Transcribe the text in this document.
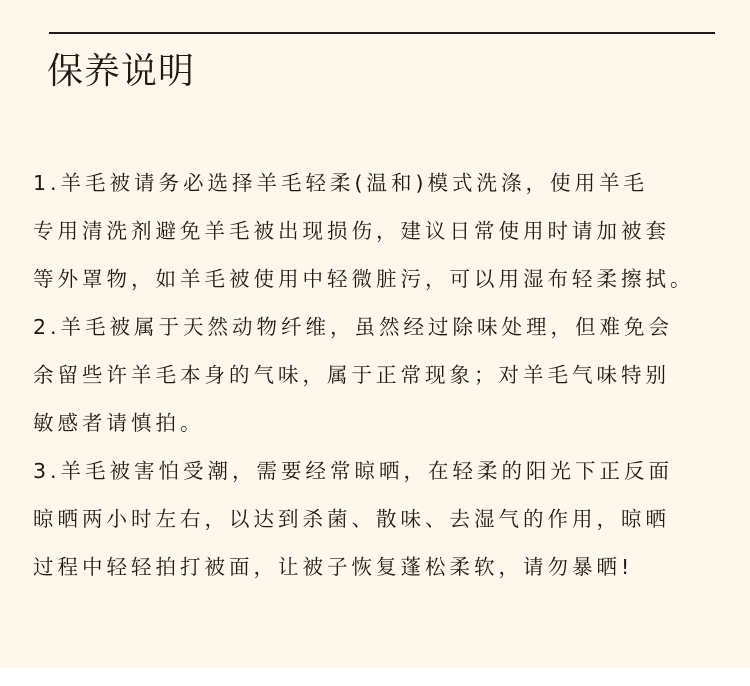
保养说明
1.羊毛被请务必选择羊毛轻柔(温和)模式洗涤，使用羊毛
专用清洗剂避免羊毛被出现损伤，建议日常使用时请加被套
等外罩物，如羊毛被使用中轻微脏污，可以用湿布轻柔擦拭。
2.羊毛被属于天然动物纤维，虽然经过除味处理，但难免会
余留些许羊毛本身的气味，属于正常现象；对羊毛气味特别
敏感者请慎拍。
3.羊毛被害怕受潮，需要经常晾晒，在轻柔的阳光下正反面
晾晒两小时左右，以达到杀菌、散味、去湿气的作用，晾晒
过程中轻轻拍打被面，让被子恢复蓬松柔软，请勿暴晒!
